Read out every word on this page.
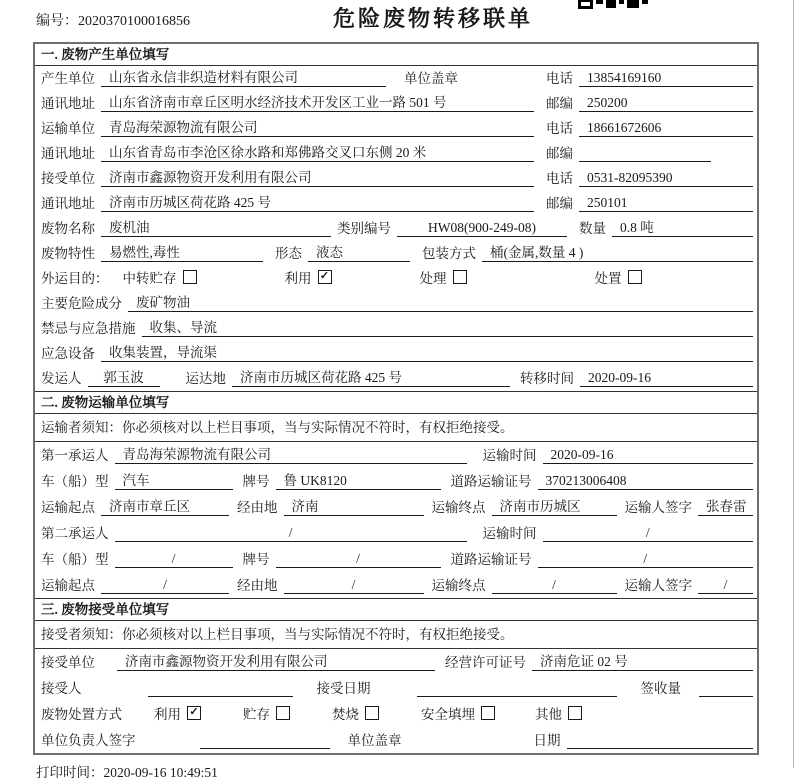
编号：2020370100016856	危险废物转移联单
一. 废物产生单位填写
产生单位	山东省永信非织造材料有限公司	单位盖章	电话	13854169160
通讯地址	山东省济南市章丘区明水经济技术开发区工业一路 501 号	邮编	250200
运输单位	青岛海荣源物流有限公司	电话	18661672606
通讯地址	山东省青岛市李沧区徐水路和郑佛路交叉口东侧 20 米	邮编
接受单位	济南市鑫源物资开发利用有限公司	电话	0531-82095390
通讯地址	济南市历城区荷花路 425 号	邮编	250101
废物名称	废机油	类别编号	HW08(900-249-08)	数量	0.8 吨
废物特性	易燃性,毒性	形态	液态	包装方式	桶(金属,数量 4 )
外运目的：	中转贮存	利用 ✓	处理	处置
主要危险成分	废矿物油
禁忌与应急措施	收集、导流
应急设备	收集装置，导流渠
发运人	郭玉波	运达地	济南市历城区荷花路 425 号	转移时间	2020-09-16
二. 废物运输单位填写
运输者须知：你必须核对以上栏目事项，当与实际情况不符时，有权拒绝接受。
第一承运人	青岛海荣源物流有限公司	运输时间	2020-09-16
车（船）型	汽车	牌号	鲁 UK8120	道路运输证号	370213006408
运输起点	济南市章丘区	经由地	济南	运输终点	济南市历城区	运输人签字	张春雷
第二承运人	/	运输时间	/
车（船）型	/	牌号	/	道路运输证号	/
运输起点	/	经由地	/	运输终点	/	运输人签字	/
三. 废物接受单位填写
接受者须知：你必须核对以上栏目事项，当与实际情况不符时，有权拒绝接受。
接受单位	济南市鑫源物资开发利用有限公司	经营许可证号	济南危证 02 号
接受人	接受日期	签收量
废物处置方式	利用 ✓	贮存	焚烧	安全填埋	其他
单位负责人签字	单位盖章	日期
打印时间：2020-09-16 10:49:51
